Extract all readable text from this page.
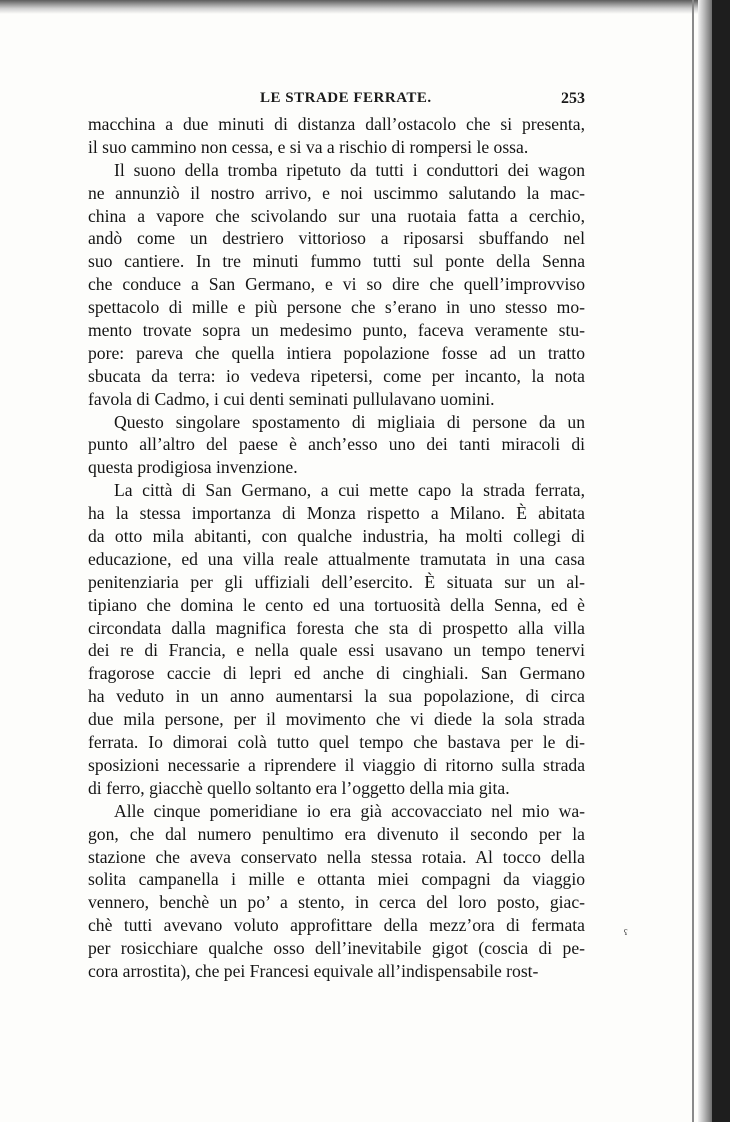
LE STRADE FERRATE.	253
macchina a due minuti di distanza dall’ostacolo che si presenta,
il suo cammino non cessa, e si va a rischio di rompersi le ossa.
Il suono della tromba ripetuto da tutti i conduttori dei wagon
ne annunziò il nostro arrivo, e noi uscimmo salutando la mac-
china a vapore che scivolando sur una ruotaia fatta a cerchio,
andò come un destriero vittorioso a riposarsi sbuffando nel
suo cantiere. In tre minuti fummo tutti sul ponte della Senna
che conduce a San Germano, e vi so dire che quell’improvviso
spettacolo di mille e più persone che s’erano in uno stesso mo-
mento trovate sopra un medesimo punto, faceva veramente stu-
pore: pareva che quella intiera popolazione fosse ad un tratto
sbucata da terra: io vedeva ripetersi, come per incanto, la nota
favola di Cadmo, i cui denti seminati pullulavano uomini.
Questo singolare spostamento di migliaia di persone da un
punto all’altro del paese è anch’esso uno dei tanti miracoli di
questa prodigiosa invenzione.
La città di San Germano, a cui mette capo la strada ferrata,
ha la stessa importanza di Monza rispetto a Milano. È abitata
da otto mila abitanti, con qualche industria, ha molti collegi di
educazione, ed una villa reale attualmente tramutata in una casa
penitenziaria per gli uffiziali dell’esercito. È situata sur un al-
tipiano che domina le cento ed una tortuosità della Senna, ed è
circondata dalla magnifica foresta che sta di prospetto alla villa
dei re di Francia, e nella quale essi usavano un tempo tenervi
fragorose caccie di lepri ed anche di cinghiali. San Germano
ha veduto in un anno aumentarsi la sua popolazione, di circa
due mila persone, per il movimento che vi diede la sola strada
ferrata. Io dimorai colà tutto quel tempo che bastava per le di-
sposizioni necessarie a riprendere il viaggio di ritorno sulla strada
di ferro, giacchè quello soltanto era l’oggetto della mia gita.
Alle cinque pomeridiane io era già accovacciato nel mio wa-
gon, che dal numero penultimo era divenuto il secondo per la
stazione che aveva conservato nella stessa rotaia. Al tocco della
solita campanella i mille e ottanta miei compagni da viaggio
vennero, benchè un po’ a stento, in cerca del loro posto, giac-
chè tutti avevano voluto approfittare della mezz’ora di fermata
per rosicchiare qualche osso dell’inevitabile gigot (coscia di pe-
cora arrostita), che pei Francesi equivale all’indispensabile rost-
ˤ
